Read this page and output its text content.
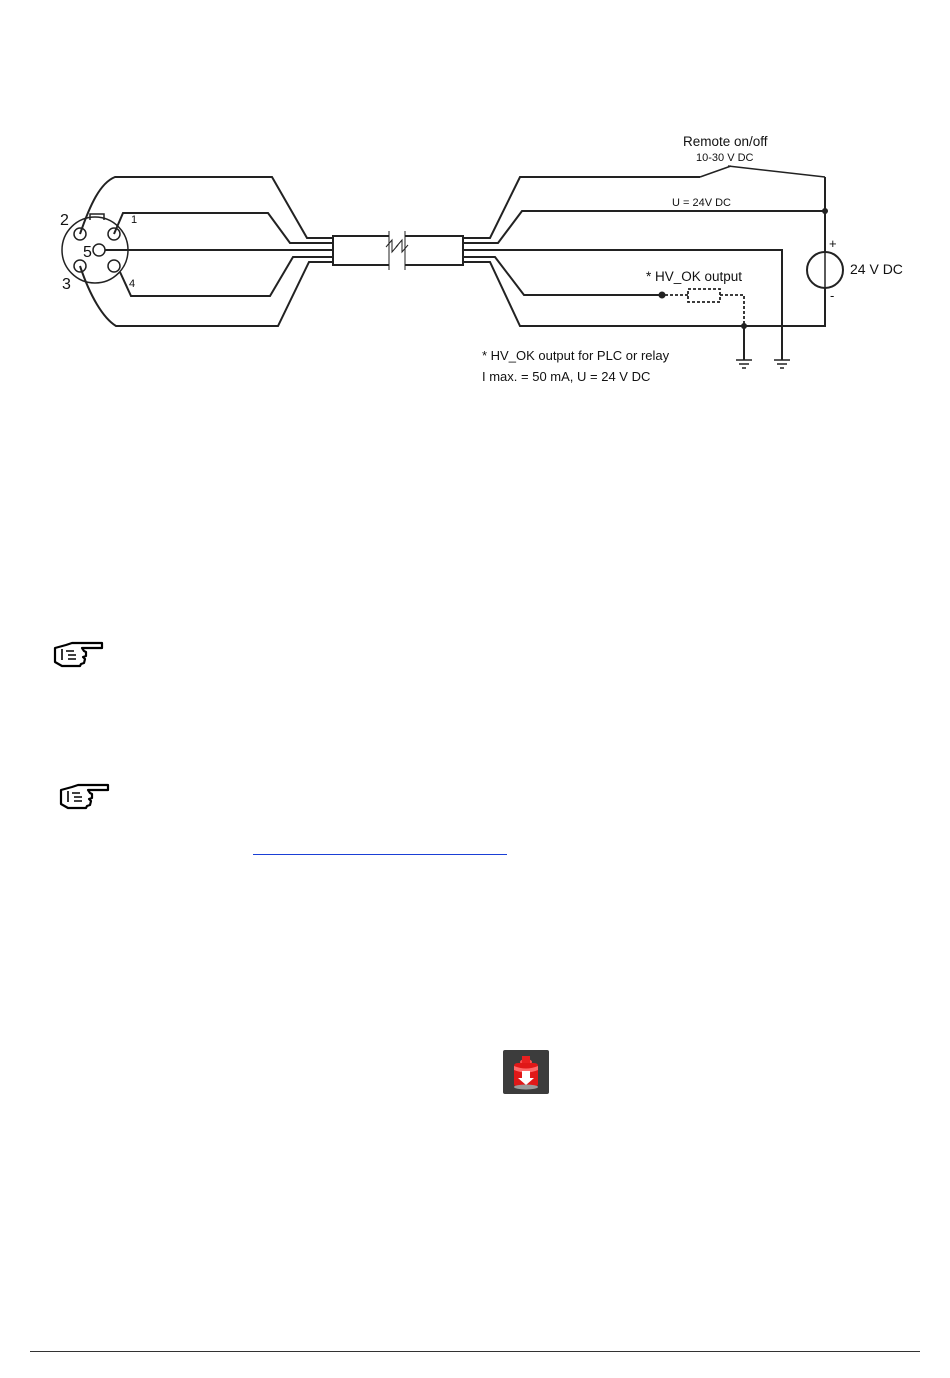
1
2
3	4
5
Remote on/off
10-30 V DC
U = 24V DC
+
-
24 V DC
* HV_OK output
* HV_OK output for PLC or relay
I max. = 50 mA, U = 24 V DC
